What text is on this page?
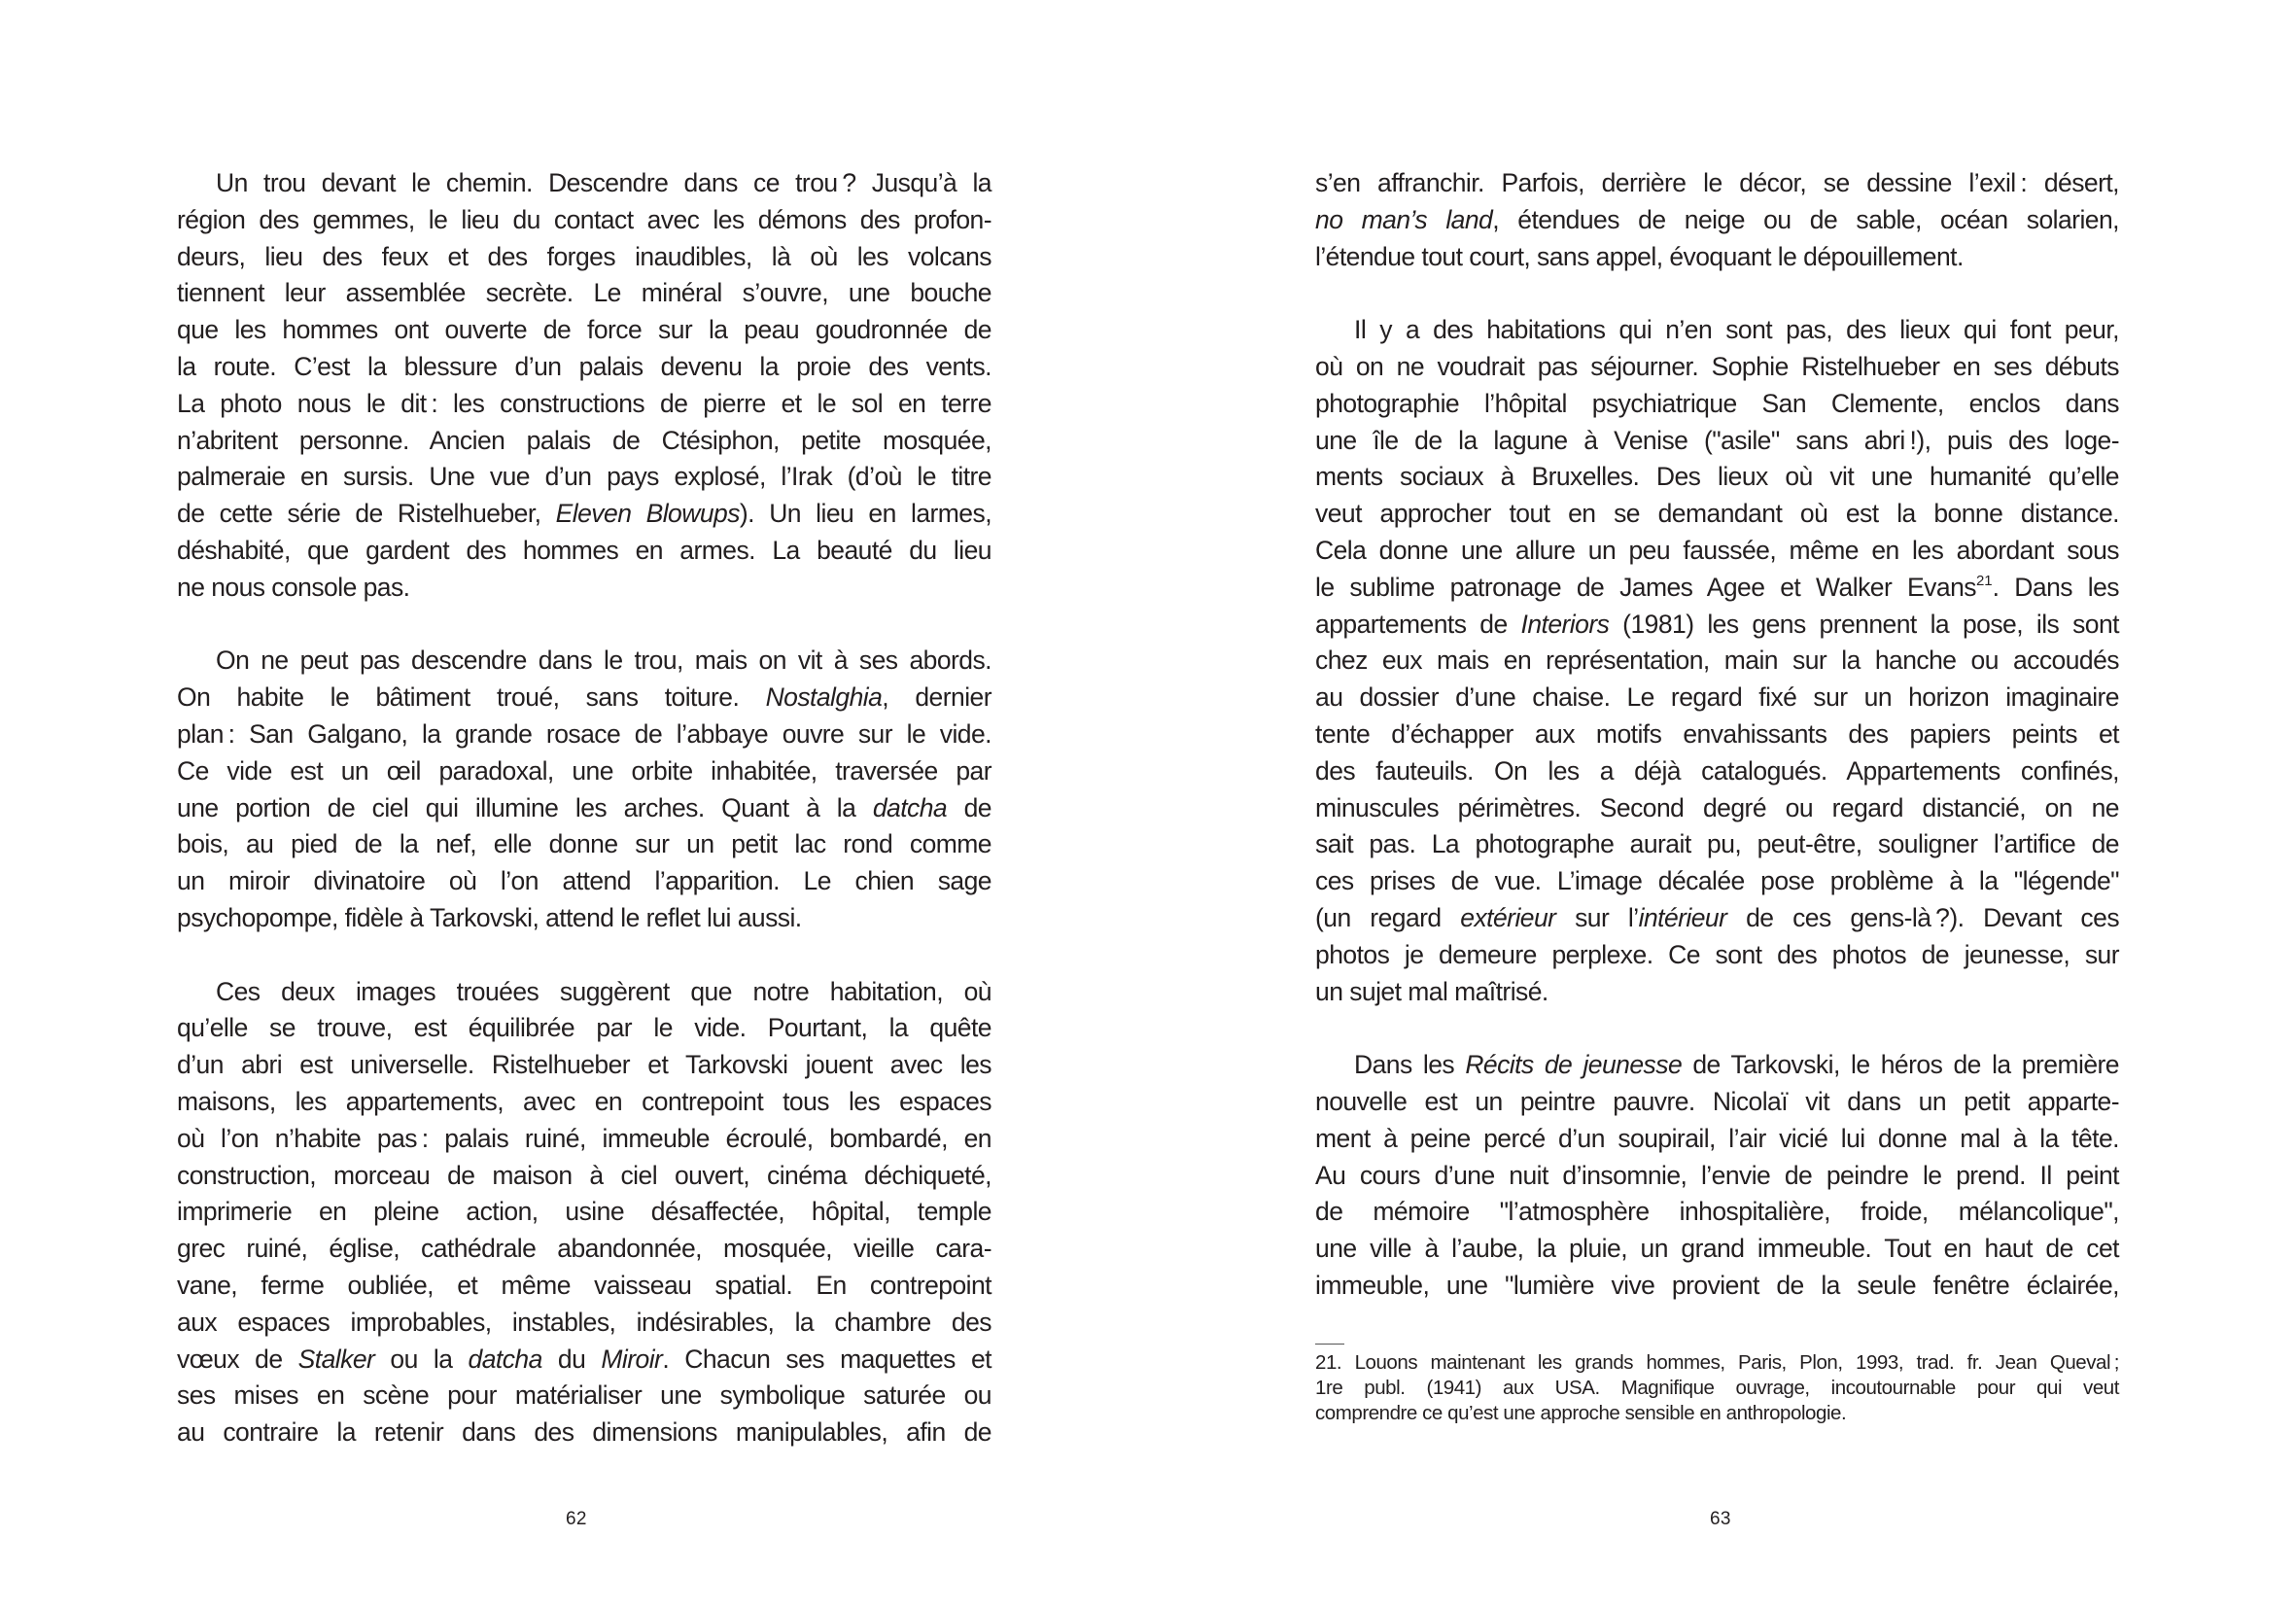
Un trou devant le chemin. Descendre dans ce trou ? Jusqu’à la
région des gemmes, le lieu du contact avec les démons des profon-
deurs, lieu des feux et des forges inaudibles, là où les volcans
tiennent leur assemblée secrète. Le minéral s’ouvre, une bouche
que les hommes ont ouverte de force sur la peau goudronnée de
la route. C’est la blessure d’un palais devenu la proie des vents.
La photo nous le dit : les constructions de pierre et le sol en terre
n’abritent personne. Ancien palais de Ctésiphon, petite mosquée,
palmeraie en sursis. Une vue d’un pays explosé, l’Irak (d’où le titre
de cette série de Ristelhueber, Eleven Blowups). Un lieu en larmes,
déshabité, que gardent des hommes en armes. La beauté du lieu
ne nous console pas.
On ne peut pas descendre dans le trou, mais on vit à ses abords.
On habite le bâtiment troué, sans toiture. Nostalghia, dernier
plan : San Galgano, la grande rosace de l’abbaye ouvre sur le vide.
Ce vide est un œil paradoxal, une orbite inhabitée, traversée par
une portion de ciel qui illumine les arches. Quant à la datcha de
bois, au pied de la nef, elle donne sur un petit lac rond comme
un miroir divinatoire où l’on attend l’apparition. Le chien sage
psychopompe, fidèle à Tarkovski, attend le reflet lui aussi.
Ces deux images trouées suggèrent que notre habitation, où
qu’elle se trouve, est équilibrée par le vide. Pourtant, la quête
d’un abri est universelle. Ristelhueber et Tarkovski jouent avec les
maisons, les appartements, avec en contrepoint tous les espaces
où l’on n’habite pas : palais ruiné, immeuble écroulé, bombardé, en
construction, morceau de maison à ciel ouvert, cinéma déchiqueté,
imprimerie en pleine action, usine désaffectée, hôpital, temple
grec ruiné, église, cathédrale abandonnée, mosquée, vieille cara-
vane, ferme oubliée, et même vaisseau spatial. En contrepoint
aux espaces improbables, instables, indésirables, la chambre des
vœux de Stalker ou la datcha du Miroir. Chacun ses maquettes et
ses mises en scène pour matérialiser une symbolique saturée ou
au contraire la retenir dans des dimensions manipulables, afin de
62
s’en affranchir. Parfois, derrière le décor, se dessine l’exil : désert,
no man’s land, étendues de neige ou de sable, océan solarien,
l’étendue tout court, sans appel, évoquant le dépouillement.
Il y a des habitations qui n’en sont pas, des lieux qui font peur,
où on ne voudrait pas séjourner. Sophie Ristelhueber en ses débuts
photographie l’hôpital psychiatrique San Clemente, enclos dans
une île de la lagune à Venise ("asile" sans abri !), puis des loge-
ments sociaux à Bruxelles. Des lieux où vit une humanité qu’elle
veut approcher tout en se demandant où est la bonne distance.
Cela donne une allure un peu faussée, même en les abordant sous
le sublime patronage de James Agee et Walker Evans$^{21}$. Dans les
appartements de Interiors (1981) les gens prennent la pose, ils sont
chez eux mais en représentation, main sur la hanche ou accoudés
au dossier d’une chaise. Le regard fixé sur un horizon imaginaire
tente d’échapper aux motifs envahissants des papiers peints et
des fauteuils. On les a déjà catalogués. Appartements confinés,
minuscules périmètres. Second degré ou regard distancié, on ne
sait pas. La photographe aurait pu, peut-être, souligner l’artifice de
ces prises de vue. L’image décalée pose problème à la "légende"
(un regard extérieur sur l’intérieur de ces gens-là ?). Devant ces
photos je demeure perplexe. Ce sont des photos de jeunesse, sur
un sujet mal maîtrisé.
Dans les Récits de jeunesse de Tarkovski, le héros de la première
nouvelle est un peintre pauvre. Nicolaï vit dans un petit apparte-
ment à peine percé d’un soupirail, l’air vicié lui donne mal à la tête.
Au cours d’une nuit d’insomnie, l’envie de peindre le prend. Il peint
de mémoire "l’atmosphère inhospitalière, froide, mélancolique",
une ville à l’aube, la pluie, un grand immeuble. Tout en haut de cet
immeuble, une "lumière vive provient de la seule fenêtre éclairée,
21. Louons maintenant les grands hommes, Paris, Plon, 1993, trad. fr. Jean Queval ;
1re publ. (1941) aux USA. Magnifique ouvrage, incoutournable pour qui veut
comprendre ce qu’est une approche sensible en anthropologie.
63
